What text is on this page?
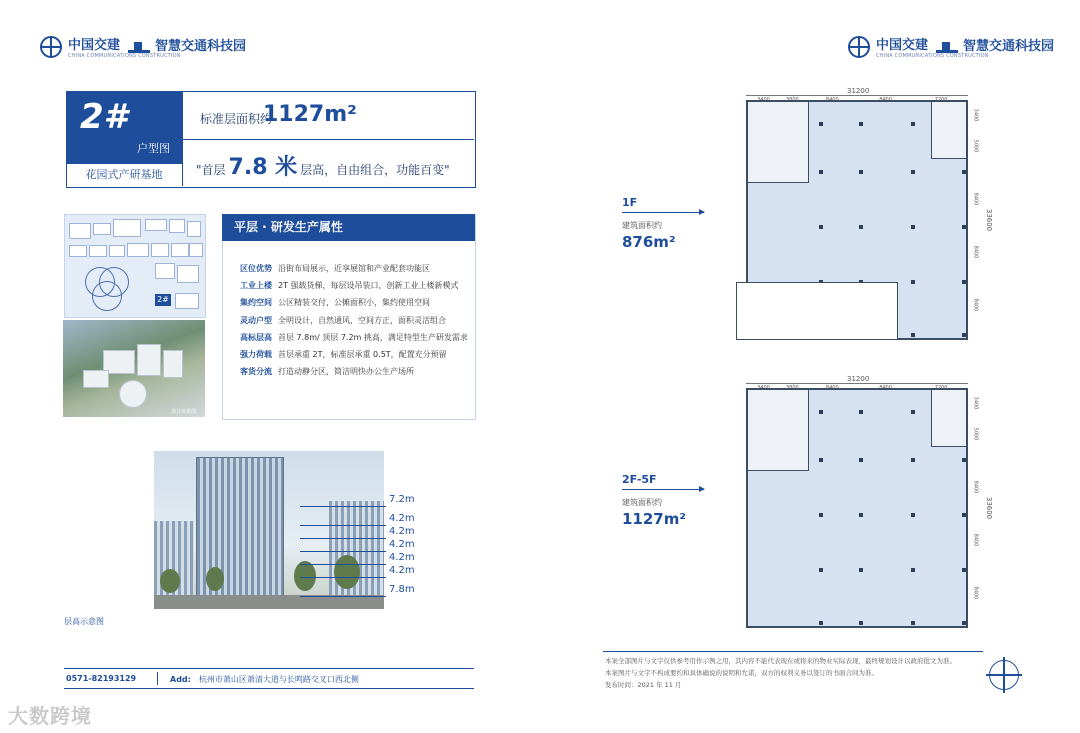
中国交建
CHINA COMMUNICATIONS CONSTRUCTION
智慧交通科技园	中国交建
CHINA COMMUNICATIONS CONSTRUCTION
智慧交通科技园
2#
户型图
花园式产研基地
标准层面积约
1127m²
"首层 7.8 米 层高，自由组合，功能百变"
2#
项目效果图
平层 · 研发生产属性
区位优势 沿街布局展示，近享展馆和产业配套功能区
工业上楼 2T 强载货梯，每层设吊装口，创新工业上楼新模式
集约空间 公区精装交付，公摊面积小，集约使用空间
灵动户型 全明设计，自然通风，空间方正，面积灵活组合
高标层高 首层 7.8m/ 顶层 7.2m 挑高，满足特型生产研发需求
强力荷载 首层承重 2T，标准层承重 0.5T，配置充分预留
客货分流 打造动静分区，简洁明快办公生产场所
7.2m
4.2m
4.2m
4.2m
4.2m
4.2m
7.8m
层高示意图
0571-82193129	Add: 杭州市萧山区萧清大道与长鸣路交叉口西北侧
大数跨境
31200
3400	3800	8400	8400	7200
33600
3400
5000
8400
8400
8400
1F
建筑面积约
876m²
31200
3400	3800	8400	8400	7200
33600
3400
5000
8400
8400
8400
2F-5F
建筑面积约
1127m²
本案全部图片与文字仅供参考用作示例之用，其内容不能代表现在或将来的物业实际表现，最终规划设计以政府批文为准。
本案图片与文字不构成要约和具体确说的说明和允诺，双方的权利义务以签订的书面合同为准。
发布时间：2021 年 11 月
